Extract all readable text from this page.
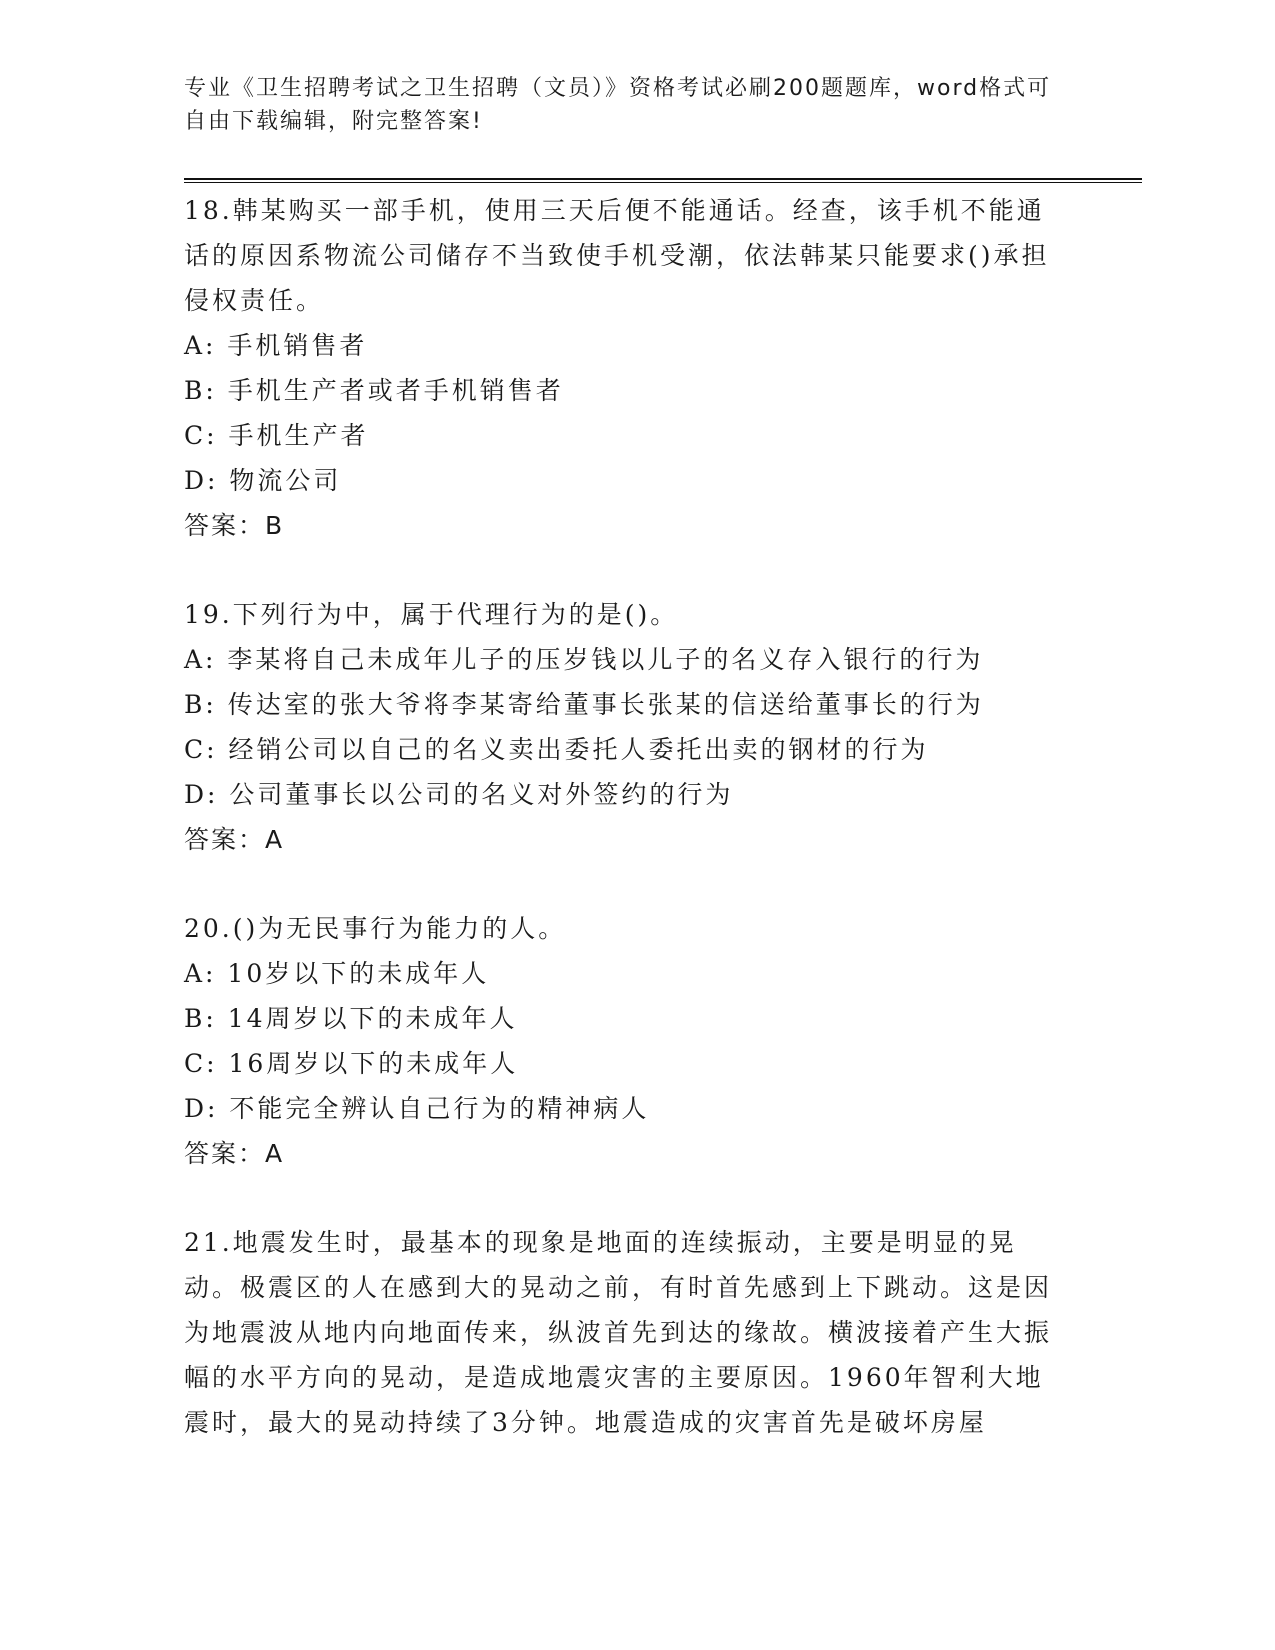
专业《卫生招聘考试之卫生招聘（文员）》资格考试必刷200题题库，word格式可自由下载编辑，附完整答案!

18.韩某购买一部手机，使用三天后便不能通话。经查，该手机不能通话的原因系物流公司储存不当致使手机受潮，依法韩某只能要求()承担侵权责任。

A: 手机销售者

B: 手机生产者或者手机销售者

C: 手机生产者

D: 物流公司

答案：B

19.下列行为中，属于代理行为的是()。

A: 李某将自己未成年儿子的压岁钱以儿子的名义存入银行的行为

B: 传达室的张大爷将李某寄给董事长张某的信送给董事长的行为

C: 经销公司以自己的名义卖出委托人委托出卖的钢材的行为

D: 公司董事长以公司的名义对外签约的行为

答案：A

20.()为无民事行为能力的人。

A: 10岁以下的未成年人

B: 14周岁以下的未成年人

C: 16周岁以下的未成年人

D: 不能完全辨认自己行为的精神病人

答案：A

21.地震发生时，最基本的现象是地面的连续振动，主要是明显的晃动。极震区的人在感到大的晃动之前，有时首先感到上下跳动。这是因为地震波从地内向地面传来，纵波首先到达的缘故。横波接着产生大振幅的水平方向的晃动，是造成地震灾害的主要原因。1960年智利大地震时，最大的晃动持续了3分钟。地震造成的灾害首先是破坏房屋
